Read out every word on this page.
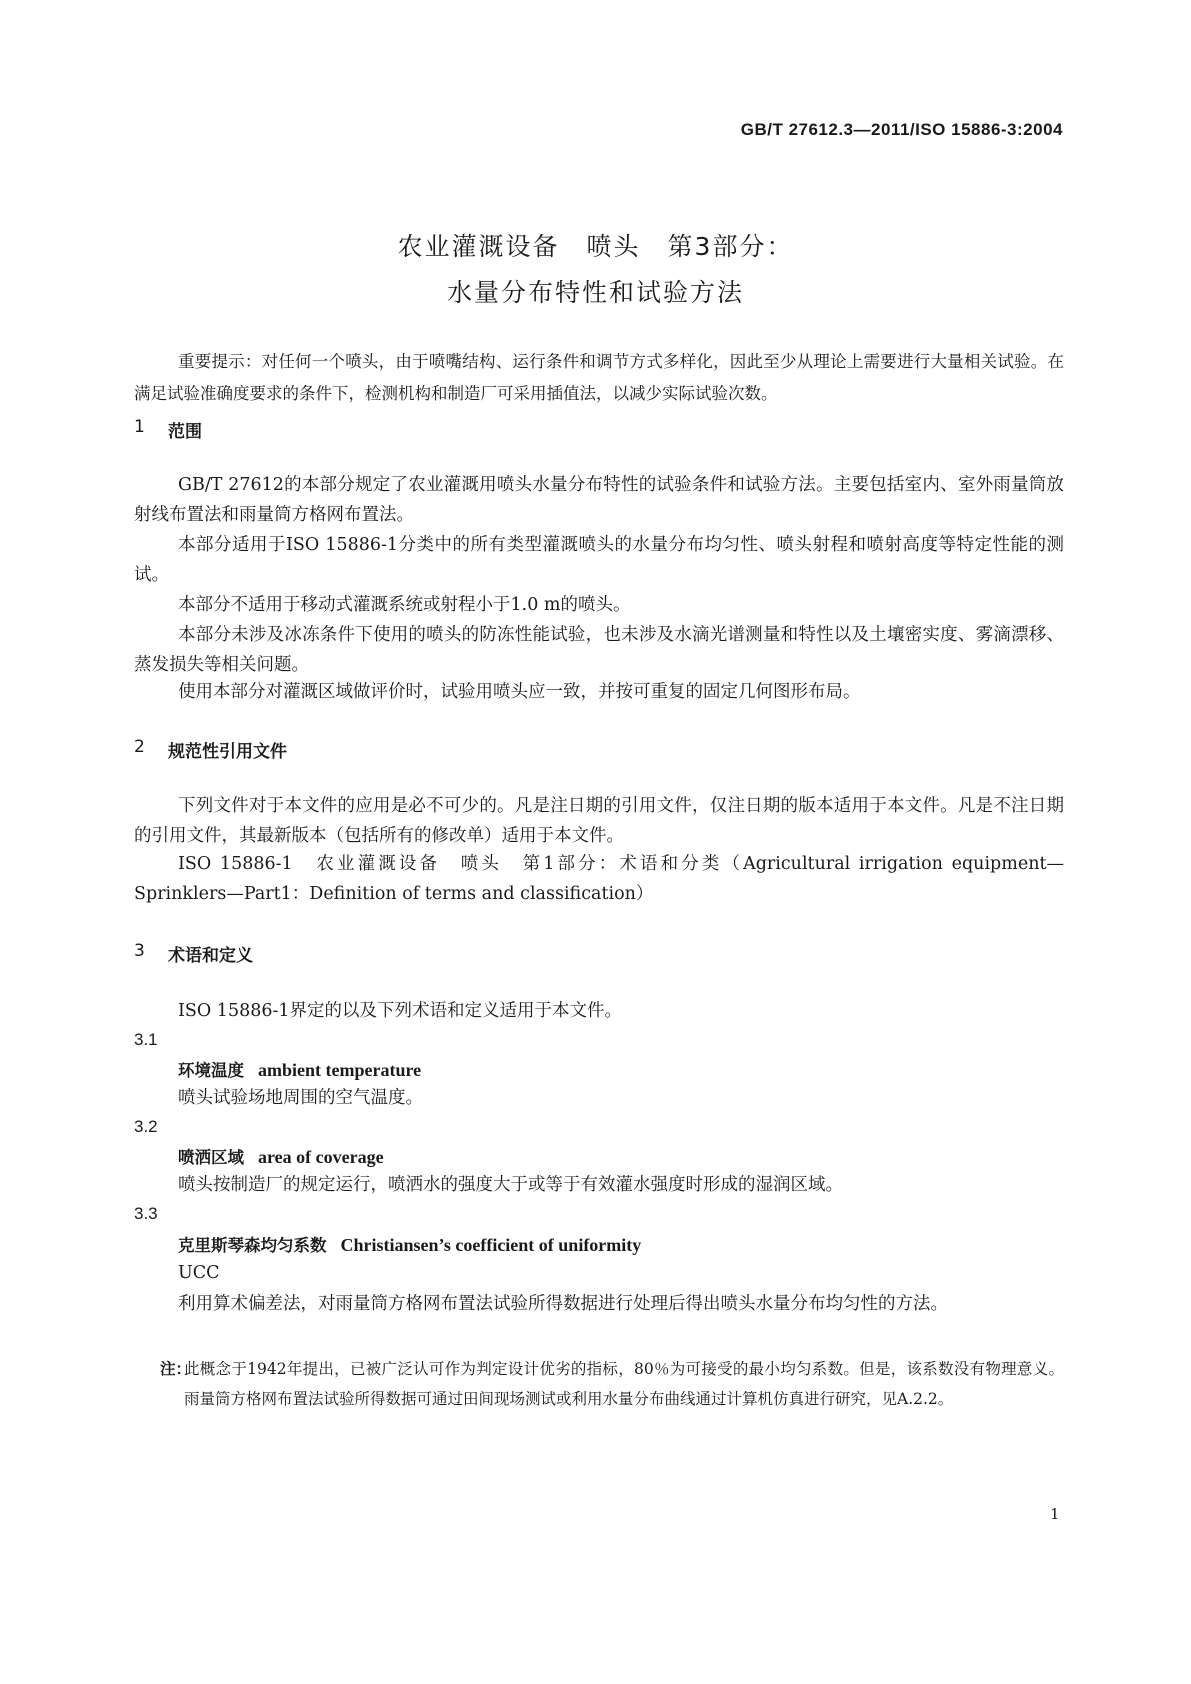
GB/T 27612.3—2011/ISO 15886-3:2004
农业灌溉设备　喷头　第3部分：
水量分布特性和试验方法
重要提示：对任何一个喷头，由于喷嘴结构、运行条件和调节方式多样化，因此至少从理论上需要进行大量相关试验。在满足试验准确度要求的条件下，检测机构和制造厂可采用插值法，以减少实际试验次数。
1 范围
GB/T 27612的本部分规定了农业灌溉用喷头水量分布特性的试验条件和试验方法。主要包括室内、室外雨量筒放射线布置法和雨量筒方格网布置法。
本部分适用于ISO 15886-1分类中的所有类型灌溉喷头的水量分布均匀性、喷头射程和喷射高度等特定性能的测试。
本部分不适用于移动式灌溉系统或射程小于1.0 m的喷头。
本部分未涉及冰冻条件下使用的喷头的防冻性能试验，也未涉及水滴光谱测量和特性以及土壤密实度、雾滴漂移、蒸发损失等相关问题。
使用本部分对灌溉区域做评价时，试验用喷头应一致，并按可重复的固定几何图形布局。
2 规范性引用文件
下列文件对于本文件的应用是必不可少的。凡是注日期的引用文件，仅注日期的版本适用于本文件。凡是不注日期的引用文件，其最新版本（包括所有的修改单）适用于本文件。
ISO 15886-1　农业灌溉设备　喷头　第1部分：术语和分类（Agricultural irrigation equipment—Sprinklers—Part1：Definition of terms and classification）
3 术语和定义
ISO 15886-1界定的以及下列术语和定义适用于本文件。
3.1
环境温度 ambient temperature
喷头试验场地周围的空气温度。
3.2
喷洒区域 area of coverage
喷头按制造厂的规定运行，喷洒水的强度大于或等于有效灌水强度时形成的湿润区域。
3.3
克里斯琴森均匀系数 Christiansen’s coefficient of uniformity
UCC
利用算术偏差法，对雨量筒方格网布置法试验所得数据进行处理后得出喷头水量分布均匀性的方法。
注：
此概念于1942年提出，已被广泛认可作为判定设计优劣的指标，80％为可接受的最小均匀系数。但是，该系数没有物理意义。雨量筒方格网布置法试验所得数据可通过田间现场测试或利用水量分布曲线通过计算机仿真进行研究，见A.2.2。
1
